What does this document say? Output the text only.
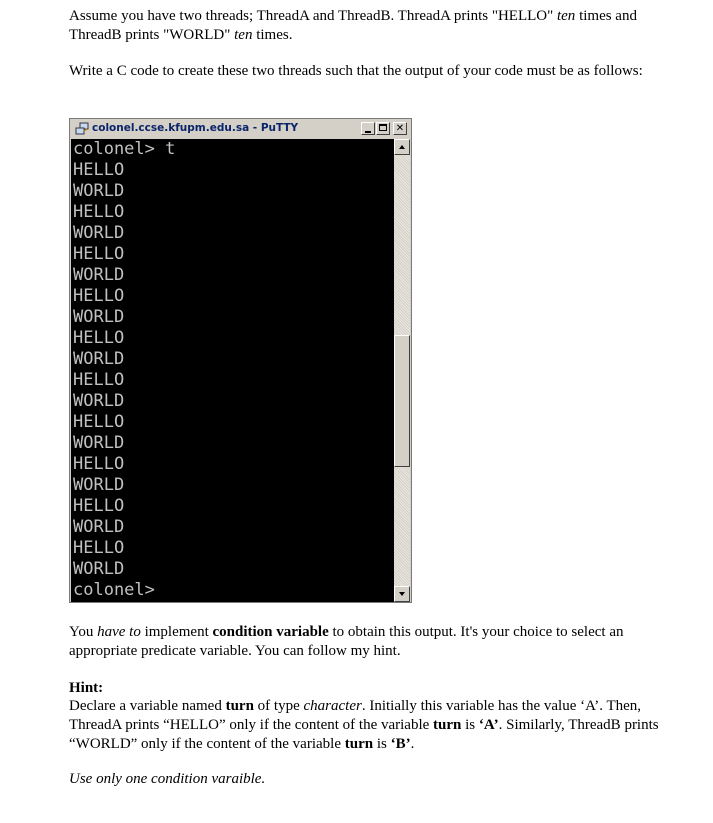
Assume you have two threads; ThreadA and ThreadB. ThreadA prints "HELLO" ten times and ThreadB prints "WORLD" ten times.

Write a C code to create these two threads such that the output of your code must be as follows:

colonel.ccse.kfupm.edu.sa - PuTTY	✕
colonel> t
HELLO
WORLD
HELLO
WORLD
HELLO
WORLD
HELLO
WORLD
HELLO
WORLD
HELLO
WORLD
HELLO
WORLD
HELLO
WORLD
HELLO
WORLD
HELLO
WORLD
colonel>

You have to implement condition variable to obtain this output. It's your choice to select an appropriate predicate variable. You can follow my hint.

Hint:

Declare a variable named turn of type character. Initially this variable has the value ‘A’. Then, ThreadA prints “HELLO” only if the content of the variable turn is ‘A’. Similarly, ThreadB prints “WORLD” only if the content of the variable turn is ‘B’.

Use only one condition varaible.
